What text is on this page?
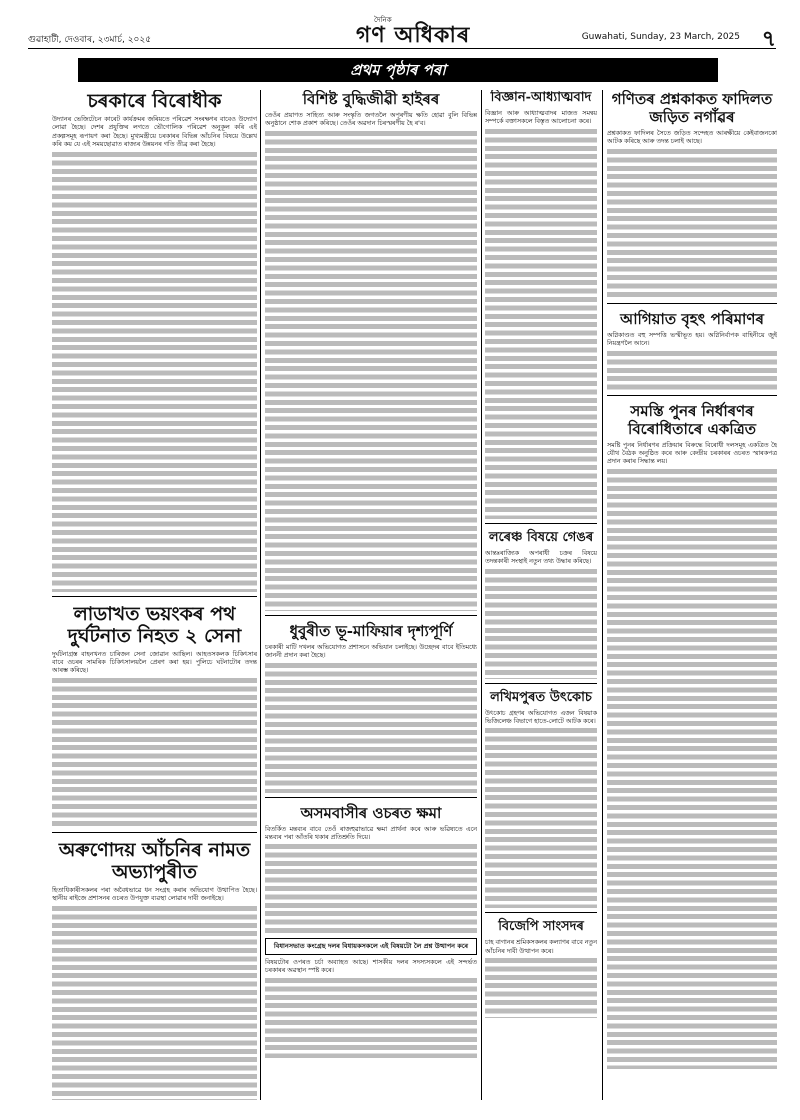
গুৱাহাটী, দেওবাৰ, ২৩মাৰ্চ, ২০২৫
দৈনিক
গণ অধিকাৰ	Guwahati, Sunday, 23 March, 2025 ৭
প্ৰথম পৃষ্ঠাৰ পৰা
চৰকাৰে বিৰোধীক

উদ্যানৰ ভেজিটেচন কাৰেট কাৰ্যক্ৰমৰ জৰিয়তে পৰিৱেশ সংৰক্ষণৰ বাবেও উদ্যোগ লোৱা হৈছে। দেশৰ প্ৰযুক্তিৰ লগতে ভৌগোলিক পৰিৱেশ অনুকূল কৰি এই প্ৰকল্পসমূহ ৰূপায়ণ কৰা হৈছে। মুখ্যমন্ত্ৰীয়ে চৰকাৰৰ বিভিন্ন আঁচনিৰ বিষয়ে উল্লেখ কৰি কয় যে এই সময়ছোৱাত ৰাজ্যৰ উন্নয়নৰ গতি তীব্ৰ কৰা হৈছে।

লাডাখত ভয়ংকৰ পথ দুৰ্ঘটনাত নিহত ২ সেনা

দুৰ্ঘটনাগ্ৰস্ত বাহনখনত চাৰিজন সেনা জোৱান আছিল। আহতসকলক চিকিৎসাৰ বাবে ওচৰৰ সামৰিক চিকিৎসালয়লৈ প্ৰেৰণ কৰা হয়। পুলিচে ঘটনাটোৰ তদন্ত আৰম্ভ কৰিছে।

অৰুণোদয় আঁচনিৰ নামত অভ্যাপুৰীত

হিতাধিকাৰীসকলৰ পৰা অবৈধভাৱে ধন সংগ্ৰহ কৰাৰ অভিযোগ উত্থাপিত হৈছে। স্থানীয় ৰাইজে প্ৰশাসনৰ ওচৰত উপযুক্ত ব্যৱস্থা লোৱাৰ দাবী জনাইছে।

বিশিষ্ট বুদ্ধিজীৱী হাইৰৰ

তেওঁৰ প্ৰয়াণত সাহিত্য আৰু সংস্কৃতি জগতলৈ অপূৰণীয় ক্ষতি হোৱা বুলি বিভিন্ন অনুষ্ঠানে শোক প্ৰকাশ কৰিছে। তেওঁৰ অৱদান চিৰস্মৰণীয় হৈ ৰ'ব।

ধুবুৰীত ভূ-মাফিয়াৰ দৃশ্যপূৰ্ণি

চৰকাৰী মাটি দখলৰ অভিযোগত প্ৰশাসনে অভিযান চলাইছে। উচ্ছেদৰ বাবে ইতিমধ্যে জাননী প্ৰদান কৰা হৈছে।

অসমবাসীৰ ওচৰত ক্ষমা

বিতৰ্কিত মন্তব্যৰ বাবে তেওঁ ৰাজহুৱাভাৱে ক্ষমা প্ৰাৰ্থনা কৰে আৰু ভৱিষ্যতে এনে মন্তব্যৰ পৰা আঁতৰি থকাৰ প্ৰতিশ্ৰুতি দিয়ে।

বিধানসভাত কংগ্ৰেছ দলৰ বিধায়কসকলে এই বিষয়টো লৈ প্ৰশ্ন উত্থাপন কৰে

বিষয়টোৰ ওপৰত চৰ্চা অব্যাহত আছে। শাসকীয় দলৰ সদস্যসকলে এই সন্দৰ্ভত চৰকাৰৰ অৱস্থান স্পষ্ট কৰে।

বিজ্ঞান-আধ্যাত্মবাদ

বিজ্ঞান আৰু আধ্যাত্মবাদৰ মাজত সমন্বয় সম্পৰ্কে বক্তাসকলে বিস্তৃত আলোচনা কৰে।

লৰেঞ্চ বিষয়ে গেঙৰ

আন্তঃৰাজ্যিক অপৰাধী চক্ৰৰ বিষয়ে তদন্তকাৰী সংস্থাই নতুন তথ্য উদ্ধাৰ কৰিছে।

লখিমপুৰত উৎকোচ

উৎকোচ গ্ৰহণৰ অভিযোগত এজন বিষয়াক ভিজিলেঞ্চ বিভাগে হাতে-লোটে আটক কৰে।

বিজেপি সাংসদৰ

চাহ বাগানৰ শ্ৰমিকসকলৰ কল্যাণৰ বাবে নতুন আঁচনিৰ দাবী উত্থাপন কৰে।

গণিতৰ প্ৰশ্নকাকত ফাদিলত জড়িত নগাঁৱৰ

প্ৰশ্নকাকত ফাদিলৰ সৈতে জড়িত সন্দেহত আৰক্ষীয়ে কেইবাজনকো আটক কৰিছে আৰু তদন্ত চলাই আছে।

আগিয়াত বৃহৎ পৰিমাণৰ

অগ্নিকাণ্ডত বহু সম্পত্তি ভস্মীভূত হয়। অগ্নিনিৰ্বাপক বাহিনীয়ে জুই নিয়ন্ত্ৰণলৈ আনে।

সমস্তি পুনৰ নিৰ্ধাৰণৰ বিৰোধিতাৰে একত্ৰিত

সমষ্টি পুনৰ নিৰ্ধাৰণৰ প্ৰক্ৰিয়াৰ বিৰুদ্ধে বিৰোধী দলসমূহ একত্ৰিত হৈ যৌথ বৈঠক অনুষ্ঠিত কৰে আৰু কেন্দ্ৰীয় চৰকাৰৰ ওচৰত স্মাৰকপত্ৰ প্ৰদান কৰাৰ সিদ্ধান্ত লয়।
